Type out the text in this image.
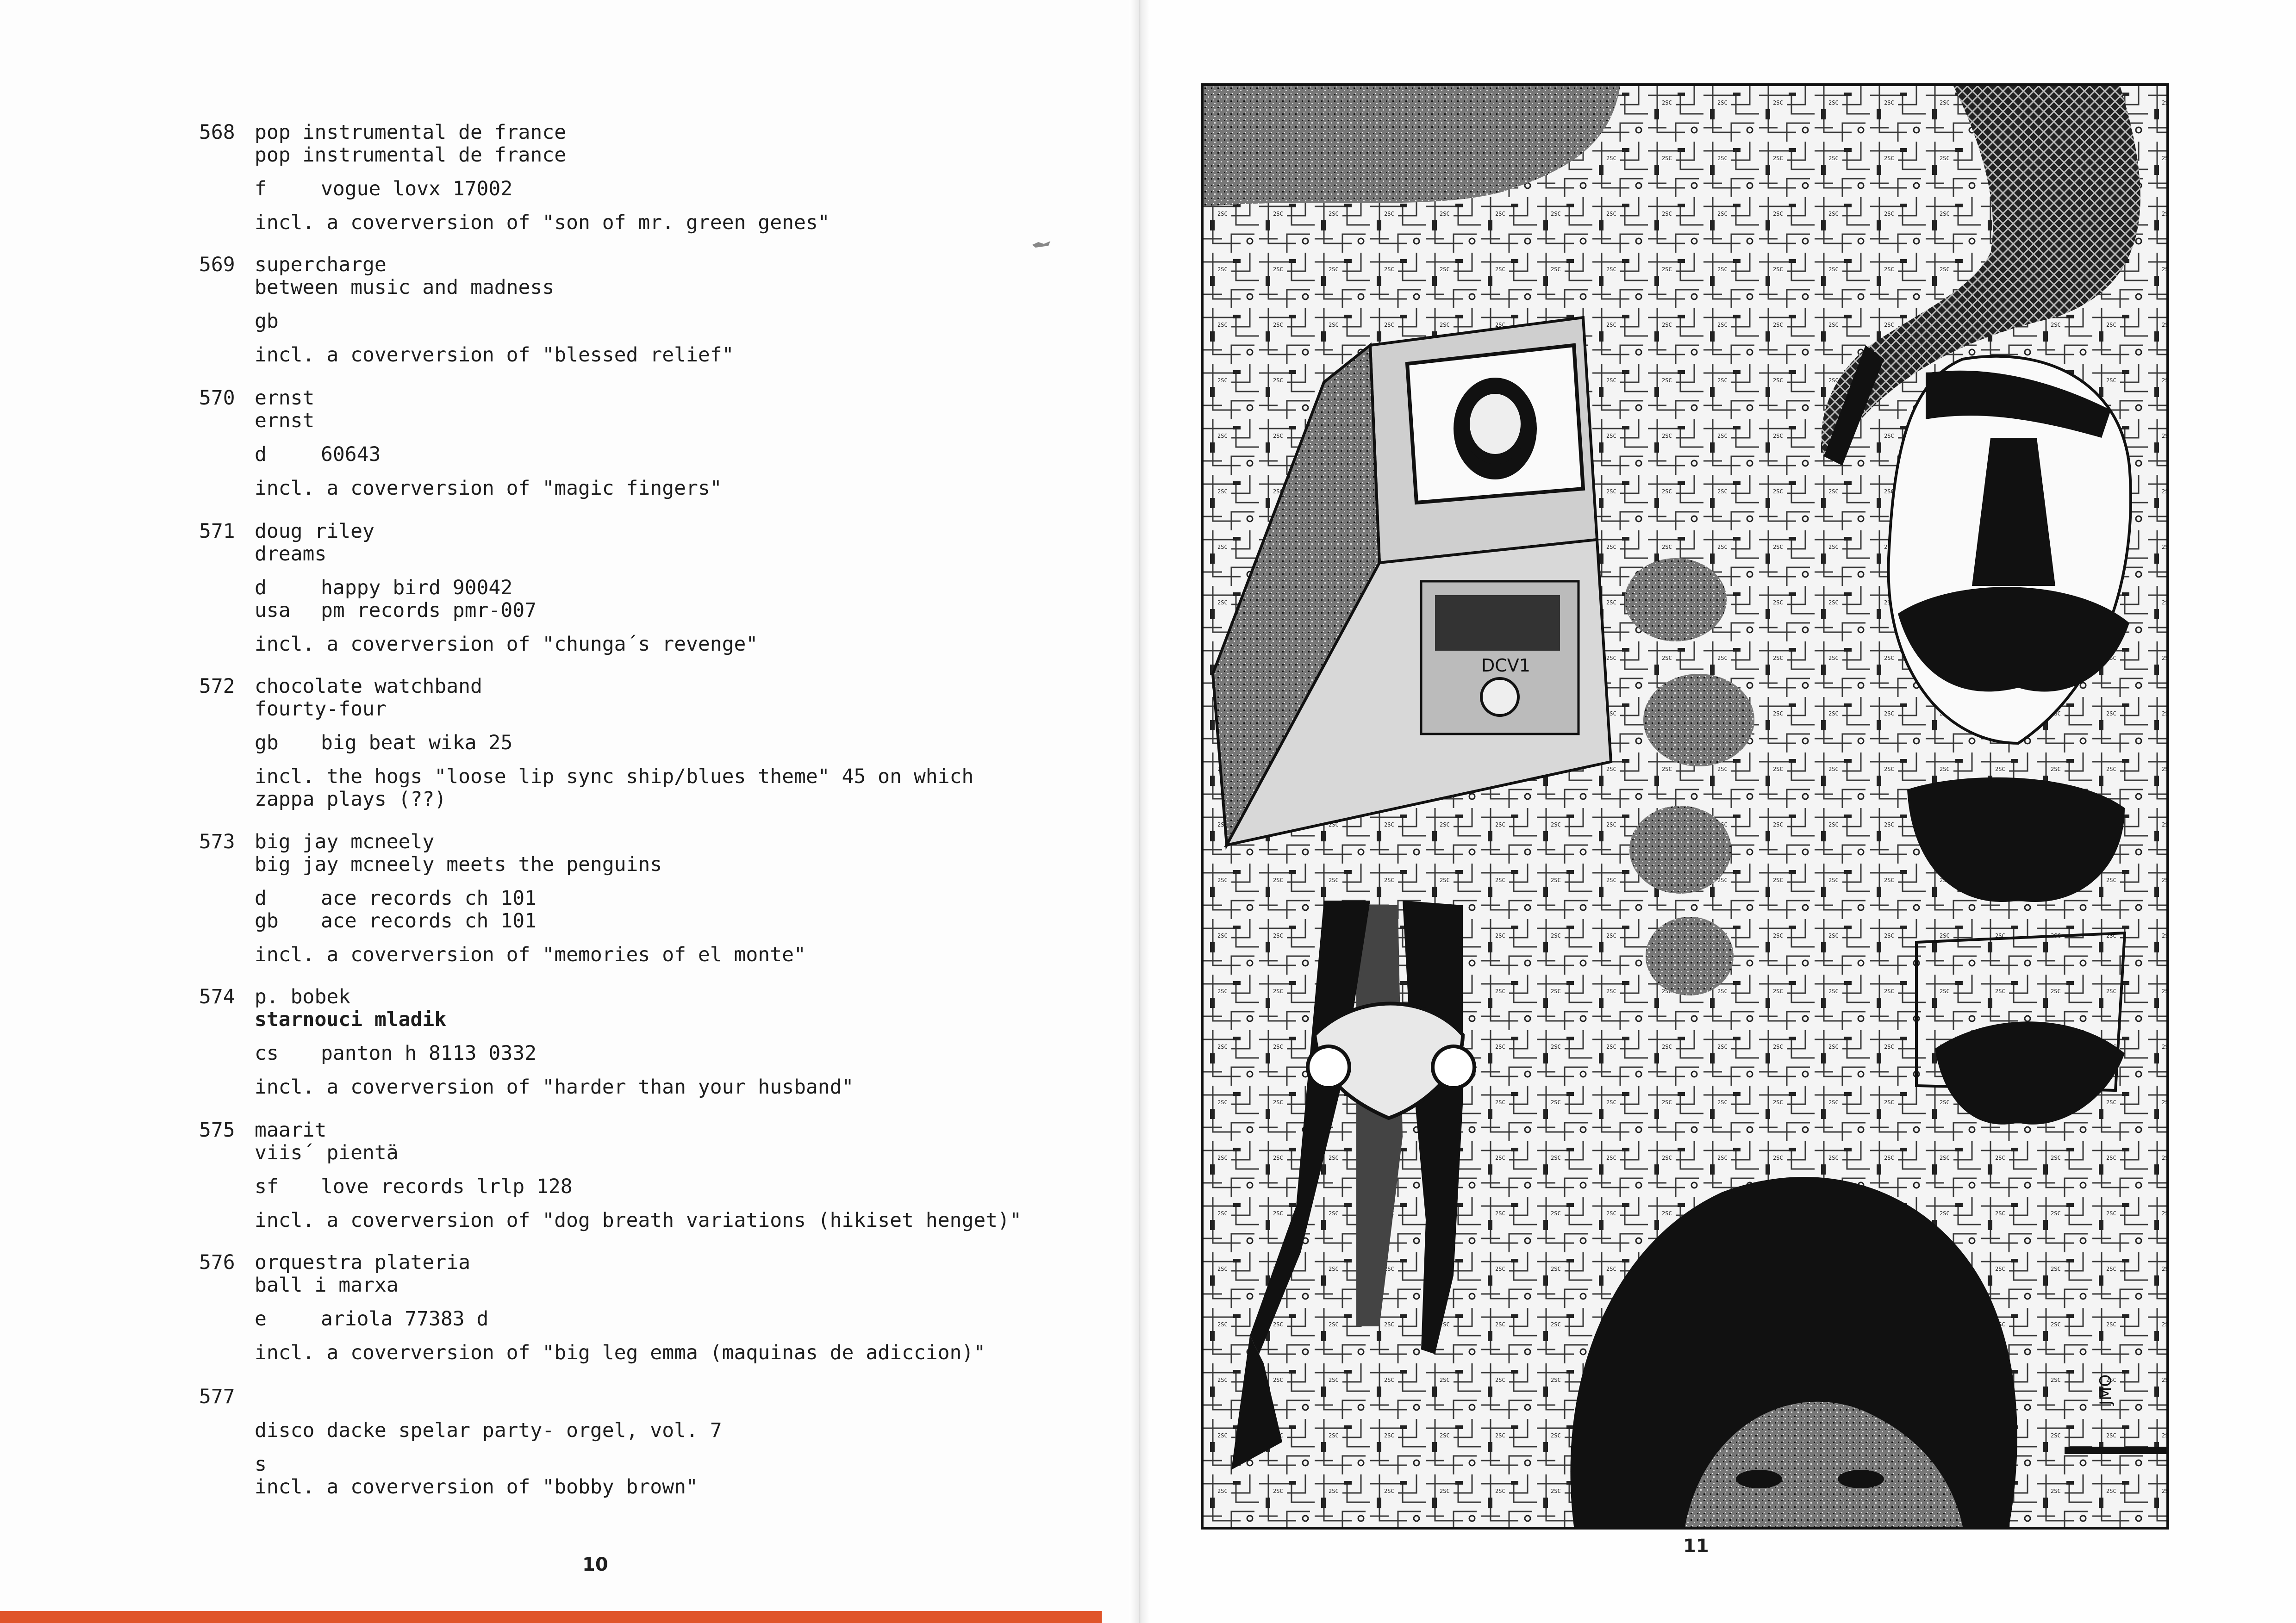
568 pop instrumental de france
pop instrumental de france
f	vogue lovx 17002
incl. a coverversion of "son of mr. green genes"
569 supercharge
between music and madness
gb
incl. a coverversion of "blessed relief"
570 ernst
ernst
d	60643
incl. a coverversion of "magic fingers"
571 doug riley
dreams
d	happy bird 90042
usa pm records pmr-007
incl. a coverversion of "chunga´s revenge"
572 chocolate watchband
fourty-four
gb big beat wika 25
incl. the hogs "loose lip sync ship/blues theme" 45 on which
zappa plays (??)
573 big jay mcneely
big jay mcneely meets the penguins
d	ace records ch 101
gb ace records ch 101
incl. a coverversion of "memories of el monte"
574 p. bobek
starnouci mladik
cs panton h 8113 0332
incl. a coverversion of "harder than your husband"
575 maarit
viis´ pientä
sf love records lrlp 128
incl. a coverversion of "dog breath variations (hikiset henget)"
576 orquestra plateria
ball i marxa
e	ariola 77383 d
incl. a coverversion of "big leg emma (maquinas de adiccion)"
577
disco dacke spelar party- orgel, vol. 7
s
incl. a coverversion of "bobby brown"
10
DCV1
JMO
11
